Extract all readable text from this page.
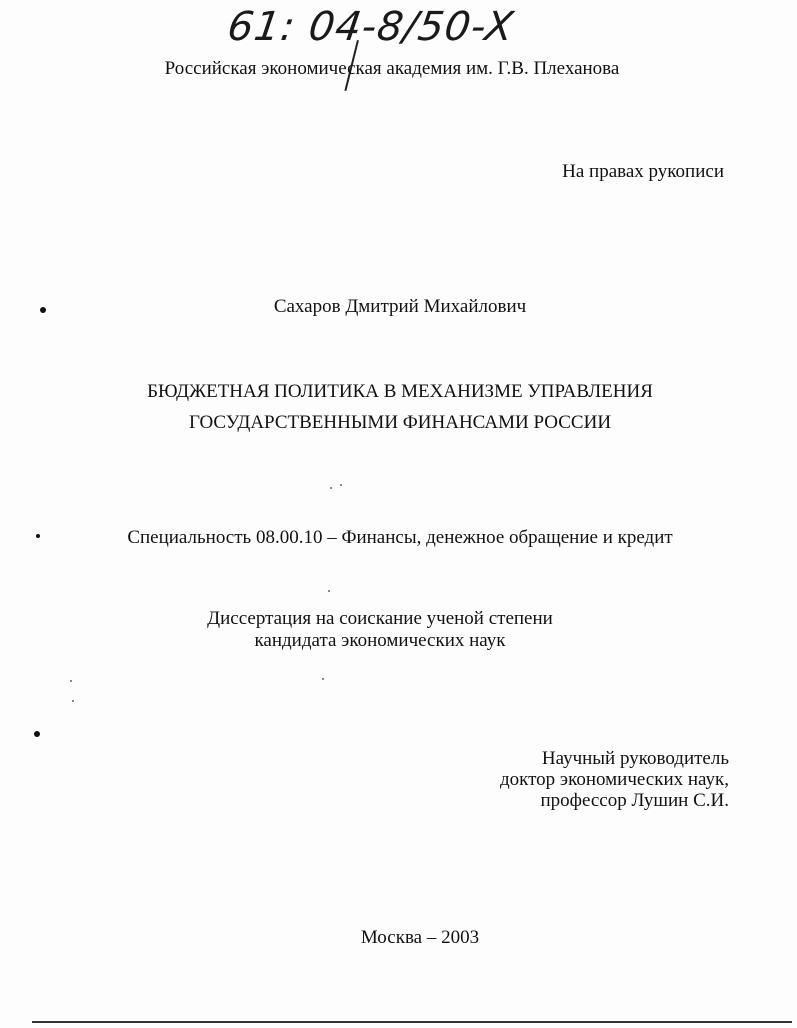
61: 04-8/50-X
Российская экономическая академия им. Г.В. Плеханова
На правах рукописи
Сахаров Дмитрий Михайлович
БЮДЖЕТНАЯ ПОЛИТИКА В МЕХАНИЗМЕ УПРАВЛЕНИЯ
ГОСУДАРСТВЕННЫМИ ФИНАНСАМИ РОССИИ
Специальность 08.00.10 – Финансы, денежное обращение и кредит
Диссертация на соискание ученой степени
кандидата экономических наук
Научный руководитель
доктор экономических наук,
профессор Лушин С.И.
Москва – 2003
